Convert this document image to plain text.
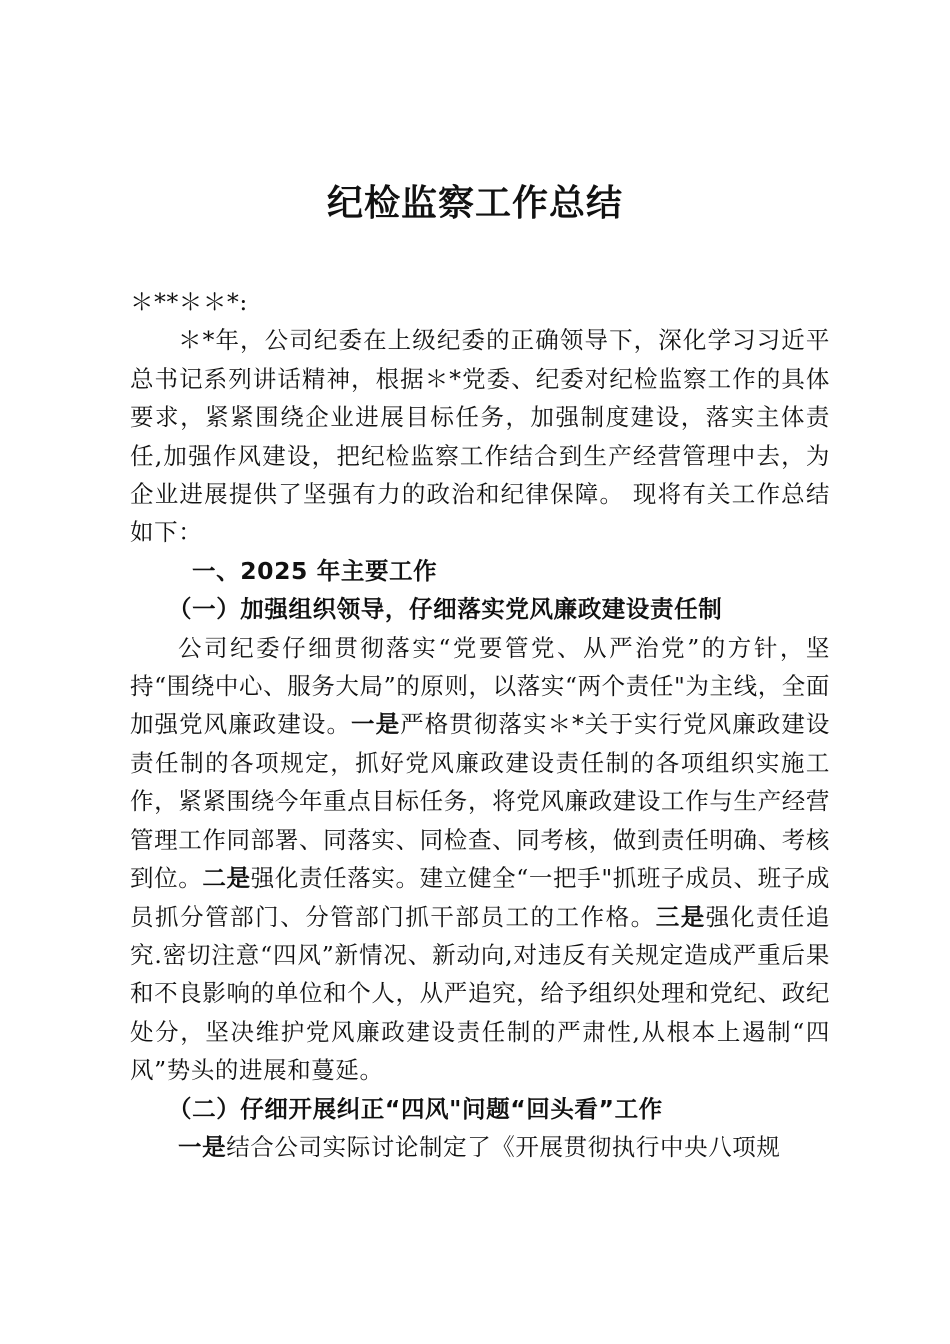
纪检监察工作总结

＊**＊＊*:

＊*年，公司纪委在上级纪委的正确领导下，深化学习习近平总书记系列讲话精神，根据＊*党委、纪委对纪检监察工作的具体要求，紧紧围绕企业进展目标任务，加强制度建设，落实主体责任,加强作风建设，把纪检监察工作结合到生产经营管理中去，为企业进展提供了坚强有力的政治和纪律保障。 现将有关工作总结如下：

一、2025 年主要工作

（一）加强组织领导，仔细落实党风廉政建设责任制

公司纪委仔细贯彻落实“党要管党、从严治党”的方针，坚持“围绕中心、服务大局”的原则，以落实“两个责任"为主线，全面加强党风廉政建设。一是严格贯彻落实＊*关于实行党风廉政建设责任制的各项规定，抓好党风廉政建设责任制的各项组织实施工作，紧紧围绕今年重点目标任务，将党风廉政建设工作与生产经营管理工作同部署、同落实、同检查、同考核，做到责任明确、考核到位。二是强化责任落实。建立健全“一把手"抓班子成员、班子成员抓分管部门、分管部门抓干部员工的工作格。三是强化责任追究.密切注意“四风”新情况、新动向,对违反有关规定造成严重后果和不良影响的单位和个人，从严追究，给予组织处理和党纪、政纪处分，坚决维护党风廉政建设责任制的严肃性,从根本上遏制“四风”势头的进展和蔓延。

（二）仔细开展纠正“四风"问题“回头看”工作

一是结合公司实际讨论制定了《开展贯彻执行中央八项规
